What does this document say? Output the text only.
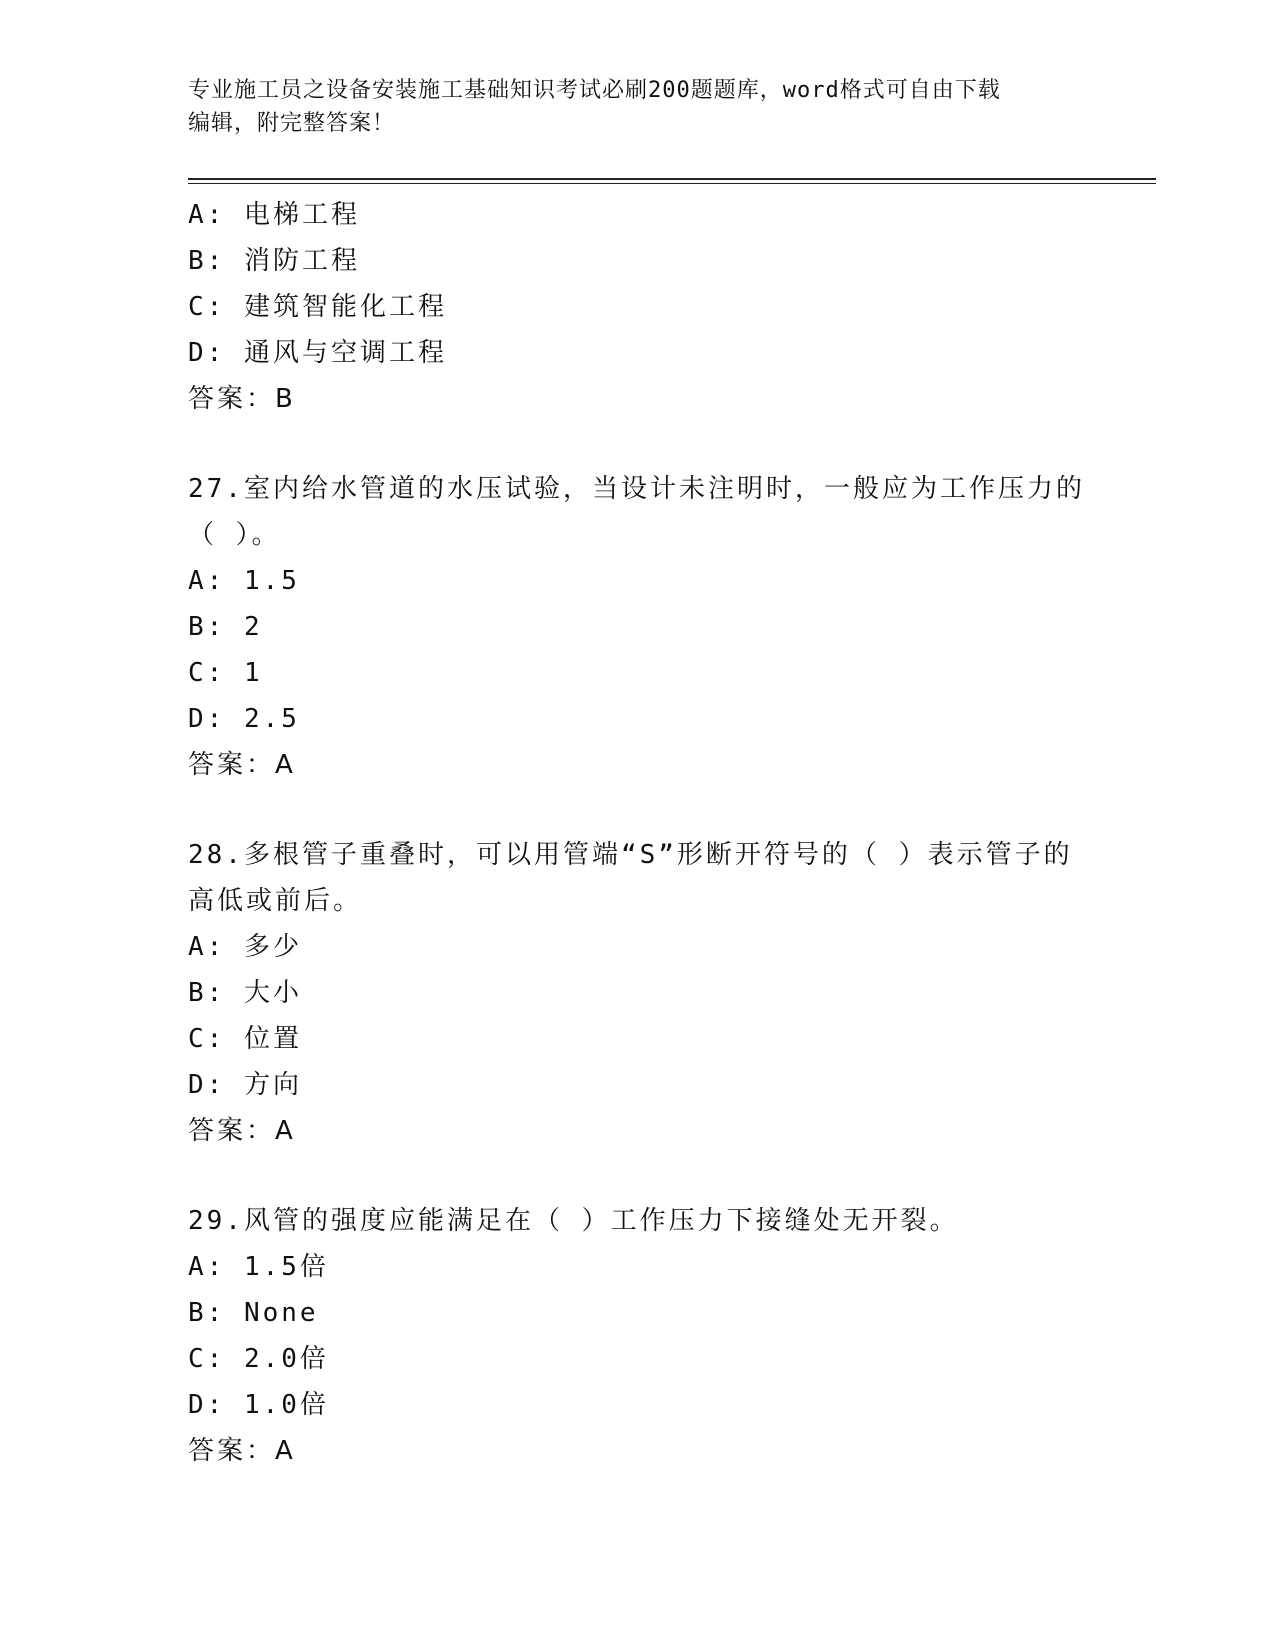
专业施工员之设备安装施工基础知识考试必刷200题题库，word格式可自由下载
编辑，附完整答案！
A: 电梯工程
B: 消防工程
C: 建筑智能化工程
D: 通风与空调工程
答案：B
27.室内给水管道的水压试验，当设计未注明时，一般应为工作压力的
（ ）。
A: 1.5
B: 2
C: 1
D: 2.5
答案：A
28.多根管子重叠时，可以用管端“S”形断开符号的（ ）表示管子的
高低或前后。
A: 多少
B: 大小
C: 位置
D: 方向
答案：A
29.风管的强度应能满足在（ ）工作压力下接缝处无开裂。
A: 1.5倍
B: None
C: 2.0倍
D: 1.0倍
答案：A
